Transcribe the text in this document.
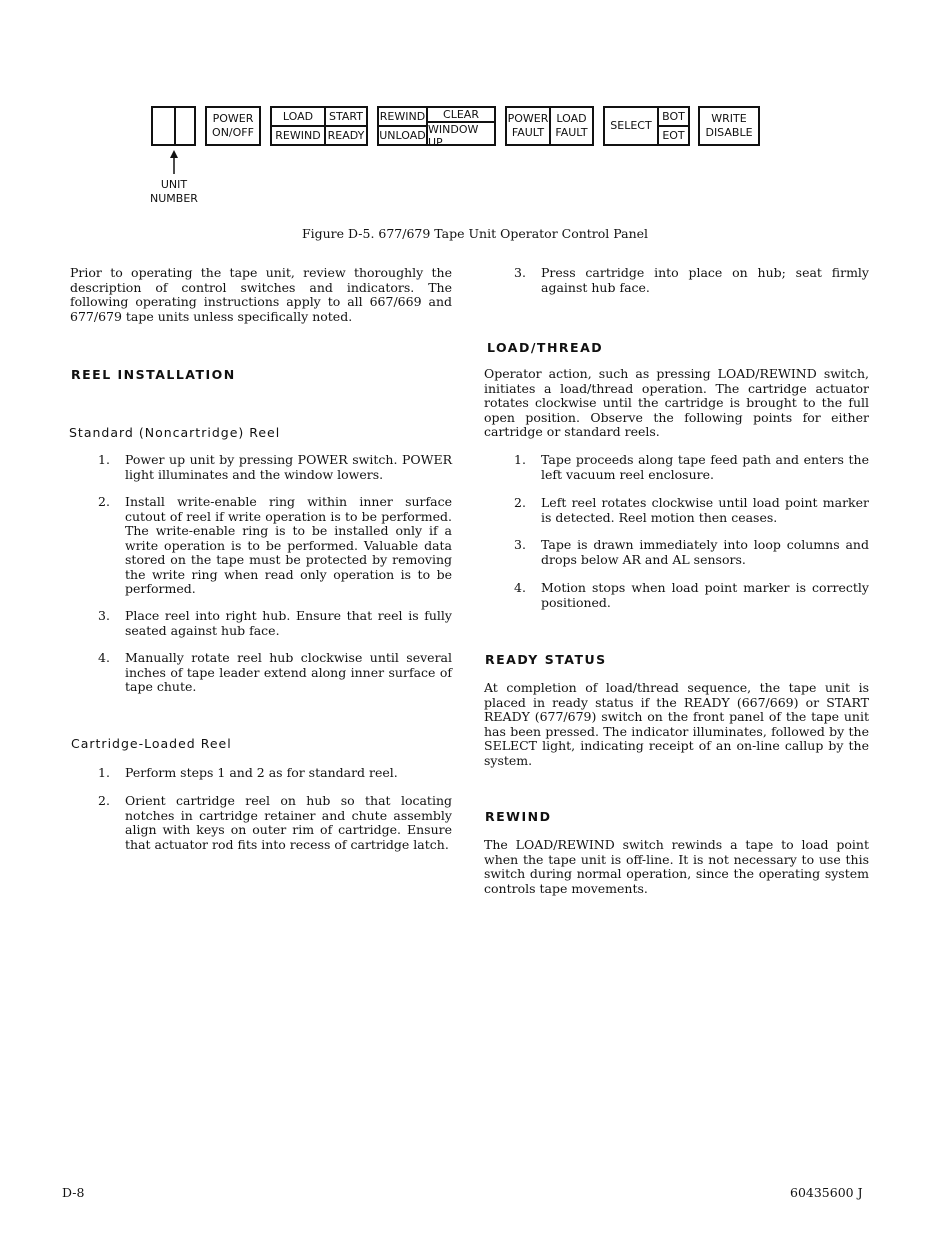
UNIT
NUMBER
POWER
ON/OFF
LOAD
REWIND
START
READY
REWIND
UNLOAD
CLEAR
WINDOW UP
POWER
FAULT
LOAD
FAULT
SELECT
BOT
EOT
WRITE
DISABLE
Figure D-5. 677/679 Tape Unit Operator Control Panel
Prior to operating the tape unit, review thoroughly the description of control switches and indicators. The following operating instructions apply to all 667/669 and 677/679 tape units unless specifically noted.
REEL INSTALLATION
Standard (Noncartridge) Reel
1. Power up unit by pressing POWER switch. POWER light illuminates and the window lowers.
2. Install write-enable ring within inner surface cutout of reel if write operation is to be performed. The write-enable ring is to be installed only if a write operation is to be performed. Valuable data stored on the tape must be protected by removing the write ring when read only operation is to be performed.
3. Place reel into right hub. Ensure that reel is fully seated against hub face.
4. Manually rotate reel hub clockwise until several inches of tape leader extend along inner surface of tape chute.
Cartridge-Loaded Reel
1. Perform steps 1 and 2 as for standard reel.
2. Orient cartridge reel on hub so that locating notches in cartridge retainer and chute assembly align with keys on outer rim of cartridge. Ensure that actuator rod fits into recess of cartridge latch.
3. Press cartridge into place on hub; seat firmly against hub face.
LOAD/THREAD
Operator action, such as pressing LOAD/REWIND switch, initiates a load/thread operation. The cartridge actuator rotates clockwise until the cartridge is brought to the full open position. Observe the following points for either cartridge or standard reels.
1. Tape proceeds along tape feed path and enters the left vacuum reel enclosure.
2. Left reel rotates clockwise until load point marker is detected. Reel motion then ceases.
3. Tape is drawn immediately into loop columns and drops below AR and AL sensors.
4. Motion stops when load point marker is correctly positioned.
READY STATUS
At completion of load/thread sequence, the tape unit is placed in ready status if the READY (667/669) or START READY (677/679) switch on the front panel of the tape unit has been pressed. The indicator illuminates, followed by the SELECT light, indicating receipt of an on-line callup by the system.
REWIND
The LOAD/REWIND switch rewinds a tape to load point when the tape unit is off-line. It is not necessary to use this switch during normal operation, since the operating system controls tape movements.
D-8	60435600 J
